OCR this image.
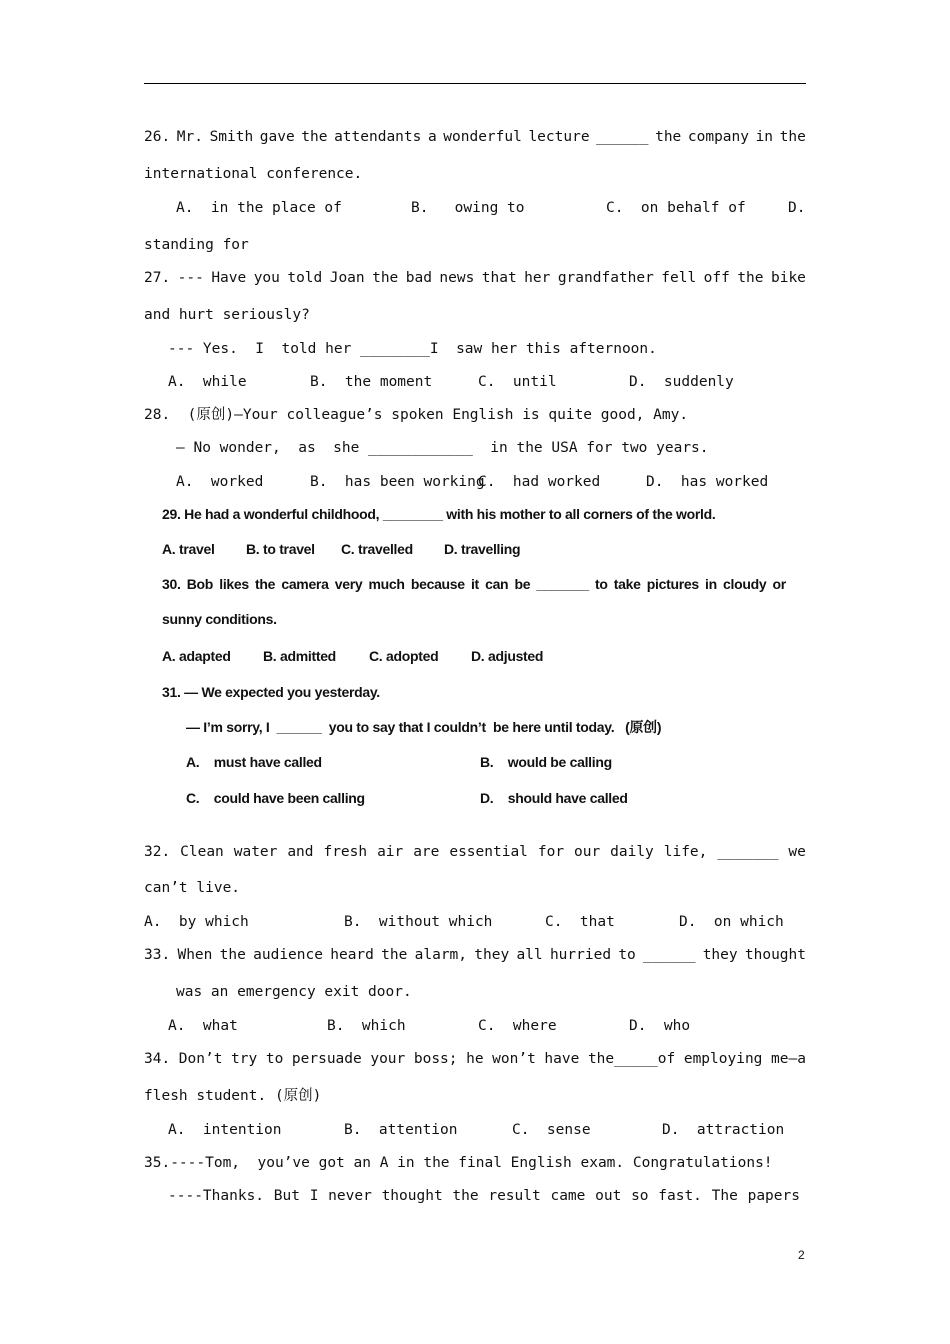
26. Mr. Smith gave the attendants a wonderful lecture ______ the company in the
international conference.
A.  in the place of	B.   owing to	C.  on behalf of	D.
standing for
27. --- Have you told Joan the bad news that her grandfather fell off the bike
and hurt seriously?
--- Yes.  I  told her ________I  saw her this afternoon.
A.  while	B.  the moment	C.  until	D.  suddenly
28.  (原创)—Your colleague’s spoken English is quite good, Amy.
— No wonder,  as  she ____________  in the USA for two years.
A.  worked	B.  has been working
C.  had worked	D.  has worked
29. He had a wonderful childhood, ________ with his mother to all corners of the world.
A. travel B. to travel C. travelled D. travelling
30. Bob likes the camera very much because it can be _______ to take pictures in cloudy or
sunny conditions.
A. adapted B. admitted C. adopted D. adjusted
31. — We expected you yesterday.
— I’m sorry, I  ______  you to say that I couldn’t  be here until today.   (原创)
A.    must have called	B.    would be calling
C.    could have been calling	D.    should have called
32. Clean water and fresh air are essential for our daily life, _______ we
can’t live.
A.  by which	B.  without which	C.  that	D.  on which
33. When the audience heard the alarm, they all hurried to ______ they thought
was an emergency exit door.
A.  what	B.  which	C.  where	D.  who
34. Don’t try to persuade your boss; he won’t have the_____of employing me—a
flesh student. (原创)
A.  intention	B.  attention	C.  sense	D.  attraction
35.----Tom,  you’ve got an A in the final English exam. Congratulations!
----Thanks. But I never thought the result came out so fast. The papers
2
